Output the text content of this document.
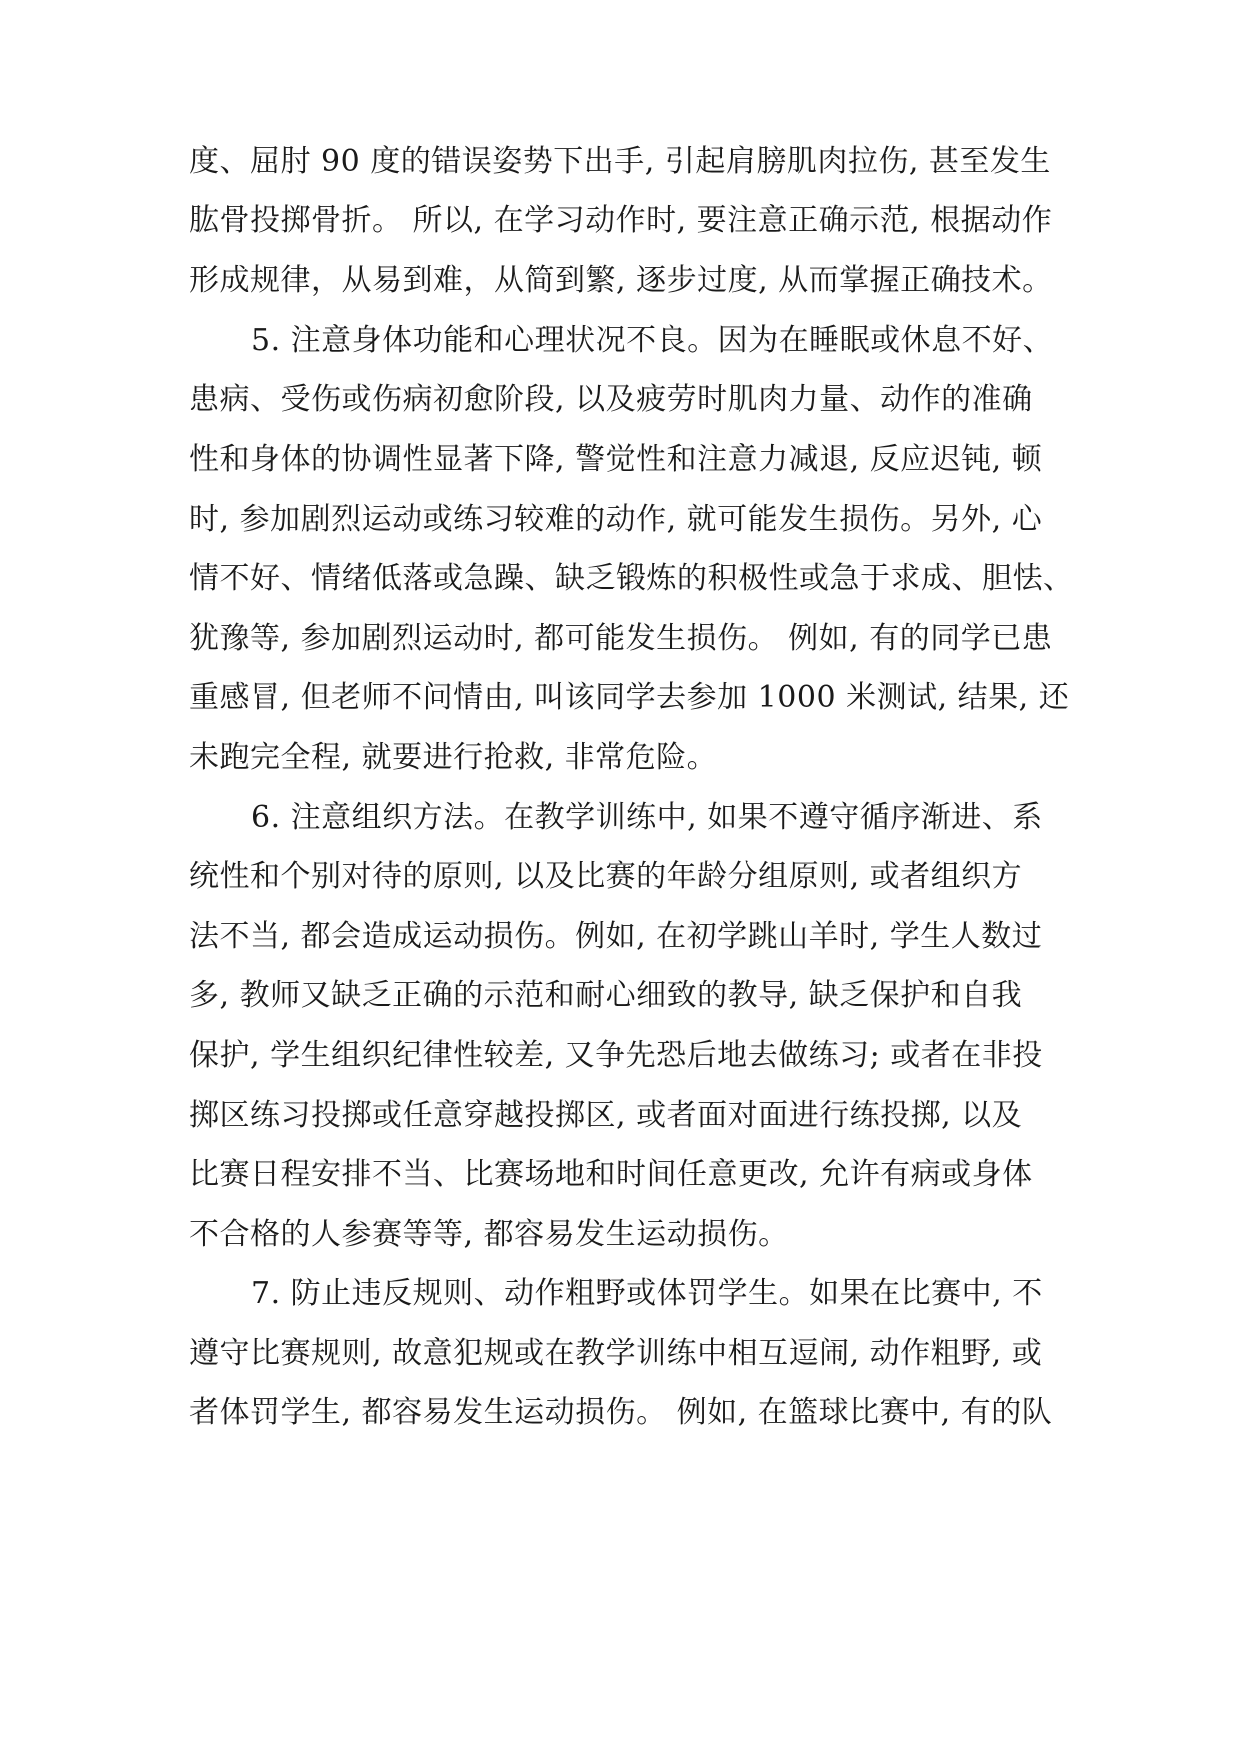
度、屈肘 90 度的错误姿势下出手, 引起肩膀肌肉拉伤, 甚至发生

肱骨投掷骨折。 所以, 在学习动作时, 要注意正确示范, 根据动作

形成规律，从易到难，从简到繁, 逐步过度, 从而掌握正确技术。

5. 注意身体功能和心理状况不良。因为在睡眠或休息不好、

患病、受伤或伤病初愈阶段, 以及疲劳时肌肉力量、动作的准确

性和身体的协调性显著下降, 警觉性和注意力减退, 反应迟钝, 顿

时, 参加剧烈运动或练习较难的动作, 就可能发生损伤。另外, 心

情不好、情绪低落或急躁、缺乏锻炼的积极性或急于求成、胆怯、

犹豫等, 参加剧烈运动时, 都可能发生损伤。 例如, 有的同学已患

重感冒, 但老师不问情由, 叫该同学去参加 1000 米测试, 结果, 还

未跑完全程, 就要进行抢救, 非常危险。

6. 注意组织方法。在教学训练中, 如果不遵守循序渐进、系

统性和个别对待的原则, 以及比赛的年龄分组原则, 或者组织方

法不当, 都会造成运动损伤。例如, 在初学跳山羊时, 学生人数过

多, 教师又缺乏正确的示范和耐心细致的教导, 缺乏保护和自我

保护, 学生组织纪律性较差, 又争先恐后地去做练习; 或者在非投

掷区练习投掷或任意穿越投掷区, 或者面对面进行练投掷, 以及

比赛日程安排不当、比赛场地和时间任意更改, 允许有病或身体

不合格的人参赛等等, 都容易发生运动损伤。

7. 防止违反规则、动作粗野或体罚学生。如果在比赛中, 不

遵守比赛规则, 故意犯规或在教学训练中相互逗闹, 动作粗野, 或

者体罚学生, 都容易发生运动损伤。 例如, 在篮球比赛中, 有的队
